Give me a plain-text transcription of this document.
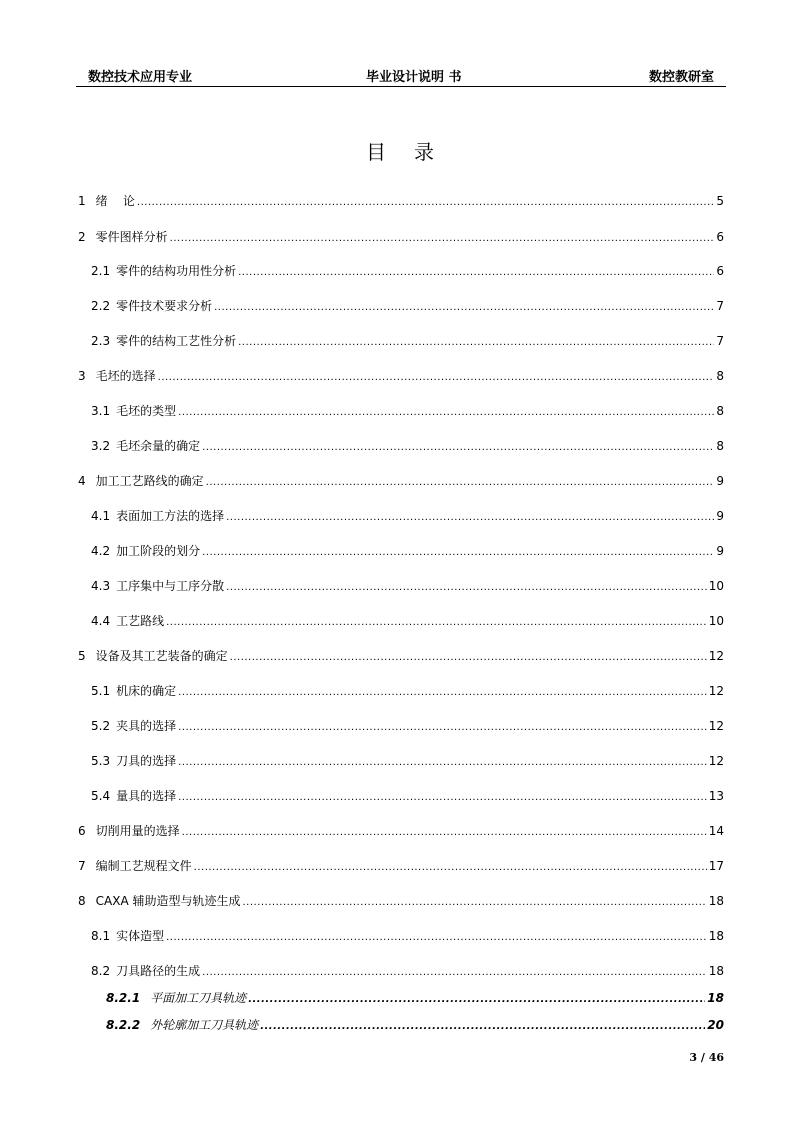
数控技术应用专业	毕业设计说明 书	数控教研室
目 录
1 绪    论 .....	5
2 零件图样分析 .....	6
2.1 零件的结构功用性分析 .....	6
2.2 零件技术要求分析 .....	7
2.3 零件的结构工艺性分析 .....	7
3 毛坯的选择 .....	8
3.1 毛坯的类型 .....	8
3.2 毛坯余量的确定 .....	8
4 加工工艺路线的确定 .....	9
4.1 表面加工方法的选择 .....	9
4.2 加工阶段的划分 .....	9
4.3 工序集中与工序分散 .....	10
4.4 工艺路线 .....	10
5 设备及其工艺装备的确定 .....	12
5.1 机床的确定 .....	12
5.2 夹具的选择 .....	12
5.3 刀具的选择 .....	12
5.4 量具的选择 .....	13
6 切削用量的选择 .....	14
7 编制工艺规程文件 .....	17
8 CAXA 辅助造型与轨迹生成 .....	18
8.1 实体造型 .....	18
8.2 刀具路径的生成 .....	18
8.2.1 平面加工刀具轨迹 .....	18
8.2.2 外轮廓加工刀具轨迹 .....	20
3 / 46
